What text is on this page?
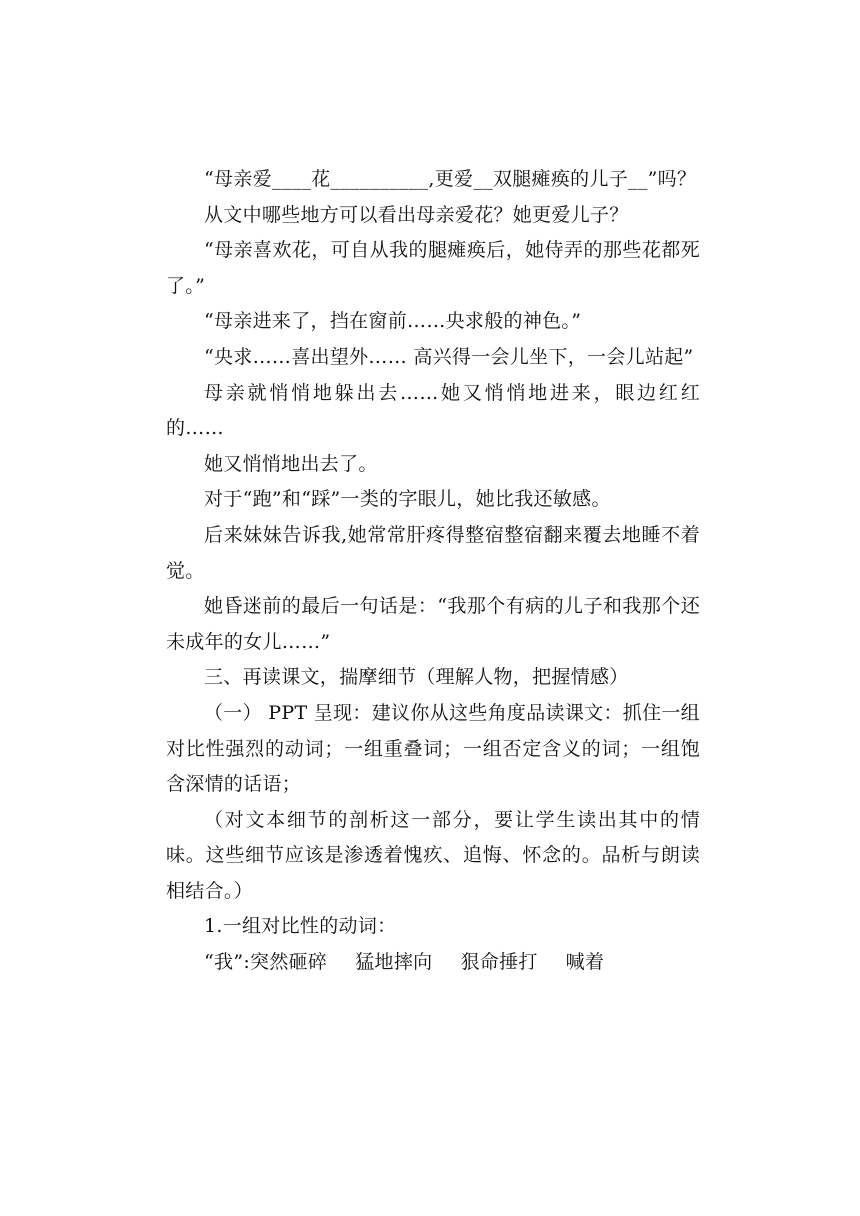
“母亲爱____花__________,更爱__双腿瘫痪的儿子__”吗？

从文中哪些地方可以看出母亲爱花？她更爱儿子？

“母亲喜欢花，可自从我的腿瘫痪后，她侍弄的那些花都死了。”

“母亲进来了，挡在窗前……央求般的神色。”

“央求……喜出望外…… 高兴得一会儿坐下，一会儿站起”

母亲就悄悄地躲出去……她又悄悄地进来，眼边红红的……

她又悄悄地出去了。

对于“跑”和“踩”一类的字眼儿，她比我还敏感。

后来妹妹告诉我,她常常肝疼得整宿整宿翻来覆去地睡不着觉。

她昏迷前的最后一句话是：“我那个有病的儿子和我那个还未成年的女儿……”

三、再读课文，揣摩细节（理解人物，把握情感）

（一） PPT 呈现：建议你从这些角度品读课文：抓住一组对比性强烈的动词；一组重叠词；一组否定含义的词；一组饱含深情的话语；

（对文本细节的剖析这一部分，要让学生读出其中的情味。这些细节应该是渗透着愧疚、追悔、怀念的。品析与朗读相结合。）

1.一组对比性的动词：

“我”:突然砸碎 猛地摔向 狠命捶打 喊着
